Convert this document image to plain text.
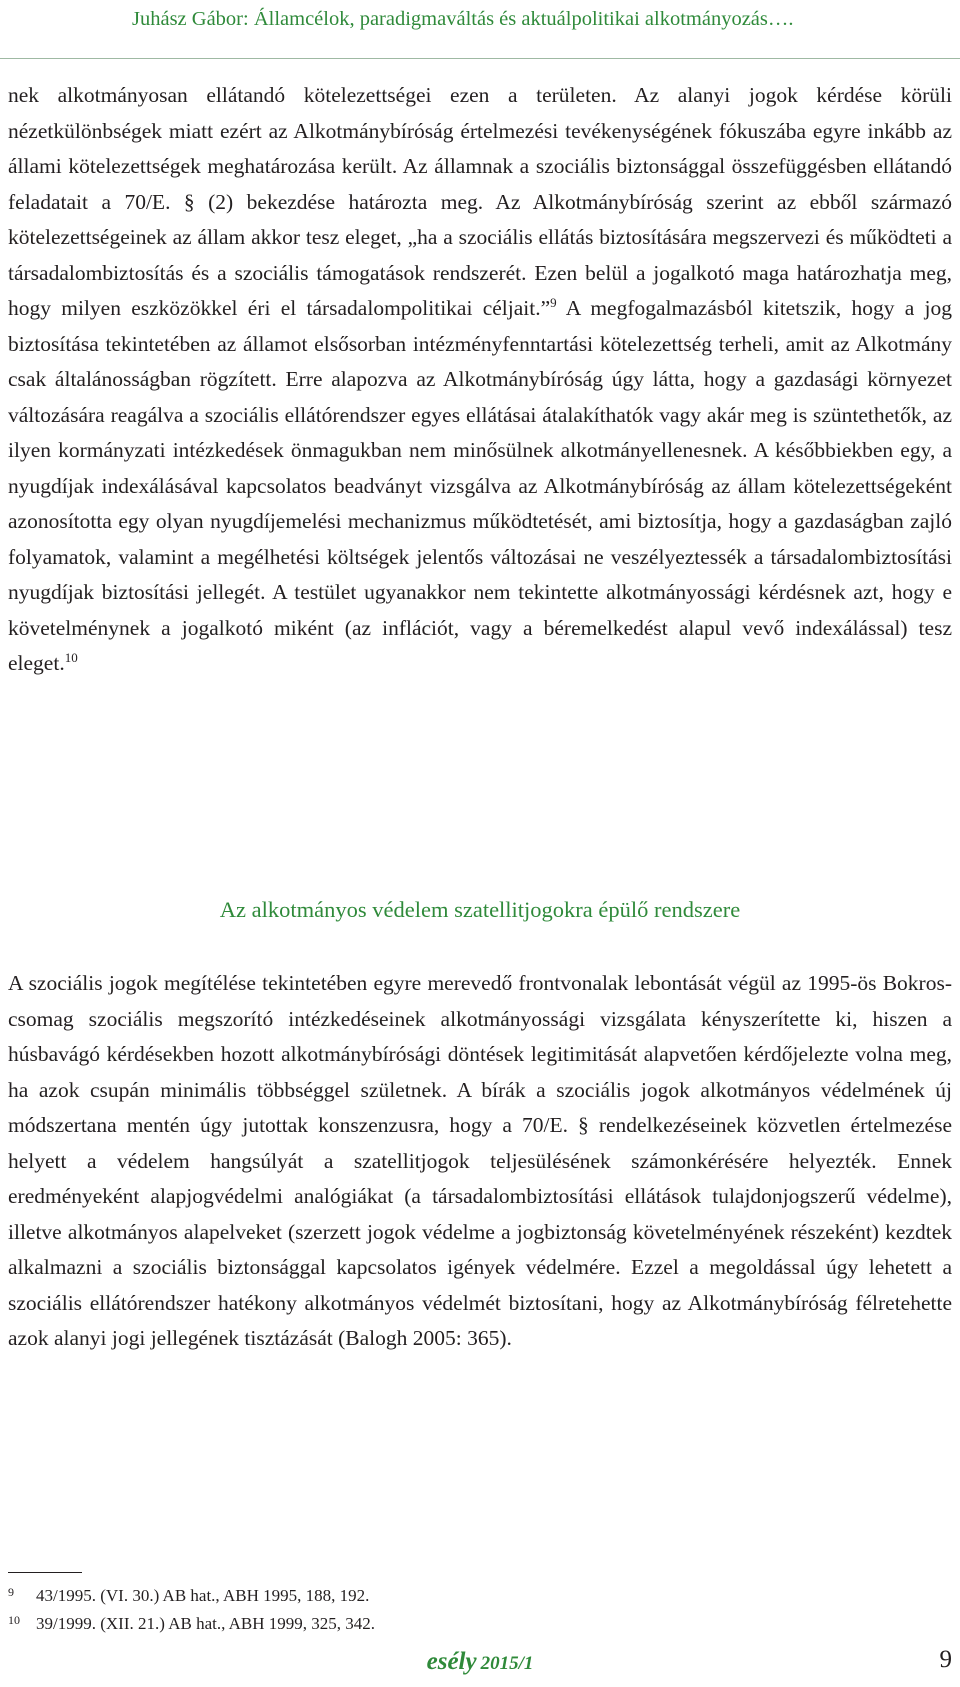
Juhász Gábor: Államcélok, paradigmaváltás és aktuálpolitikai alkotmányozás….

nek alkotmányosan ellátandó kötelezettségei ezen a területen. Az alanyi jogok kérdése körüli nézetkülönbségek miatt ezért az Alkotmánybíróság értelmezési tevékenységének fókuszába egyre inkább az állami kötelezettségek meghatározása került. Az államnak a szociális biztonsággal összefüggésben ellátandó feladatait a 70/E. § (2) bekezdése határozta meg. Az Alkotmánybíróság szerint az ebből származó kötelezettségeinek az állam akkor tesz eleget, „ha a szociális ellátás biztosítására megszervezi és működteti a társadalombiztosítás és a szociális támogatások rendszerét. Ezen belül a jogalkotó maga határozhatja meg, hogy milyen eszközökkel éri el társadalompolitikai céljait.”$^9$ A megfogalmazásból kitetszik, hogy a jog biztosítása tekintetében az államot elsősorban intézményfenntartási kötelezettség terheli, amit az Alkotmány csak általánosságban rögzített. Erre alapozva az Alkotmánybíróság úgy látta, hogy a gazdasági környezet változására reagálva a szociális ellátórendszer egyes ellátásai átalakíthatók vagy akár meg is szüntethetők, az ilyen kormányzati intézkedések önmagukban nem minősülnek alkotmányellenesnek. A későbbiekben egy, a nyugdíjak indexálásával kapcsolatos beadványt vizsgálva az Alkotmánybíróság az állam kötelezettségeként azonosította egy olyan nyugdíjemelési mechanizmus működtetését, ami biztosítja, hogy a gazdaságban zajló folyamatok, valamint a megélhetési költségek jelentős változásai ne veszélyeztessék a társadalombiztosítási nyugdíjak biztosítási jellegét. A testület ugyanakkor nem tekintette alkotmányossági kérdésnek azt, hogy e követelménynek a jogalkotó miként (az inflációt, vagy a béremelkedést alapul vevő indexálással) tesz eleget.$^{10}$

Az alkotmányos védelem szatellitjogokra épülő rendszere

A szociális jogok megítélése tekintetében egyre merevedő frontvonalak lebontását végül az 1995-ös Bokros-csomag szociális megszorító intézkedéseinek alkotmányossági vizsgálata kényszerítette ki, hiszen a húsbavágó kérdésekben hozott alkotmánybírósági döntések legitimitását alapvetően kérdőjelezte volna meg, ha azok csupán minimális többséggel születnek. A bírák a szociális jogok alkotmányos védelmének új módszertana mentén úgy jutottak konszenzusra, hogy a 70/E. § rendelkezéseinek közvetlen értelmezése helyett a védelem hangsúlyát a szatellitjogok teljesülésének számonkérésére helyezték. Ennek eredményeként alapjogvédelmi analógiákat (a társadalombiztosítási ellátások tulajdonjogszerű védelme), illetve alkotmányos alapelveket (szerzett jogok védelme a jogbiztonság követelményének részeként) kezdtek alkalmazni a szociális biztonsággal kapcsolatos igények védelmére. Ezzel a megoldással úgy lehetett a szociális ellátórendszer hatékony alkotmányos védelmét biztosítani, hogy az Alkotmánybíróság félretehette azok alanyi jogi jellegének tisztázását (Balogh 2005: 365).

9	43/1995. (VI. 30.) AB hat., ABH 1995, 188, 192.
10 39/1999. (XII. 21.) AB hat., ABH 1999, 325, 342.
esély 2015/1	9
